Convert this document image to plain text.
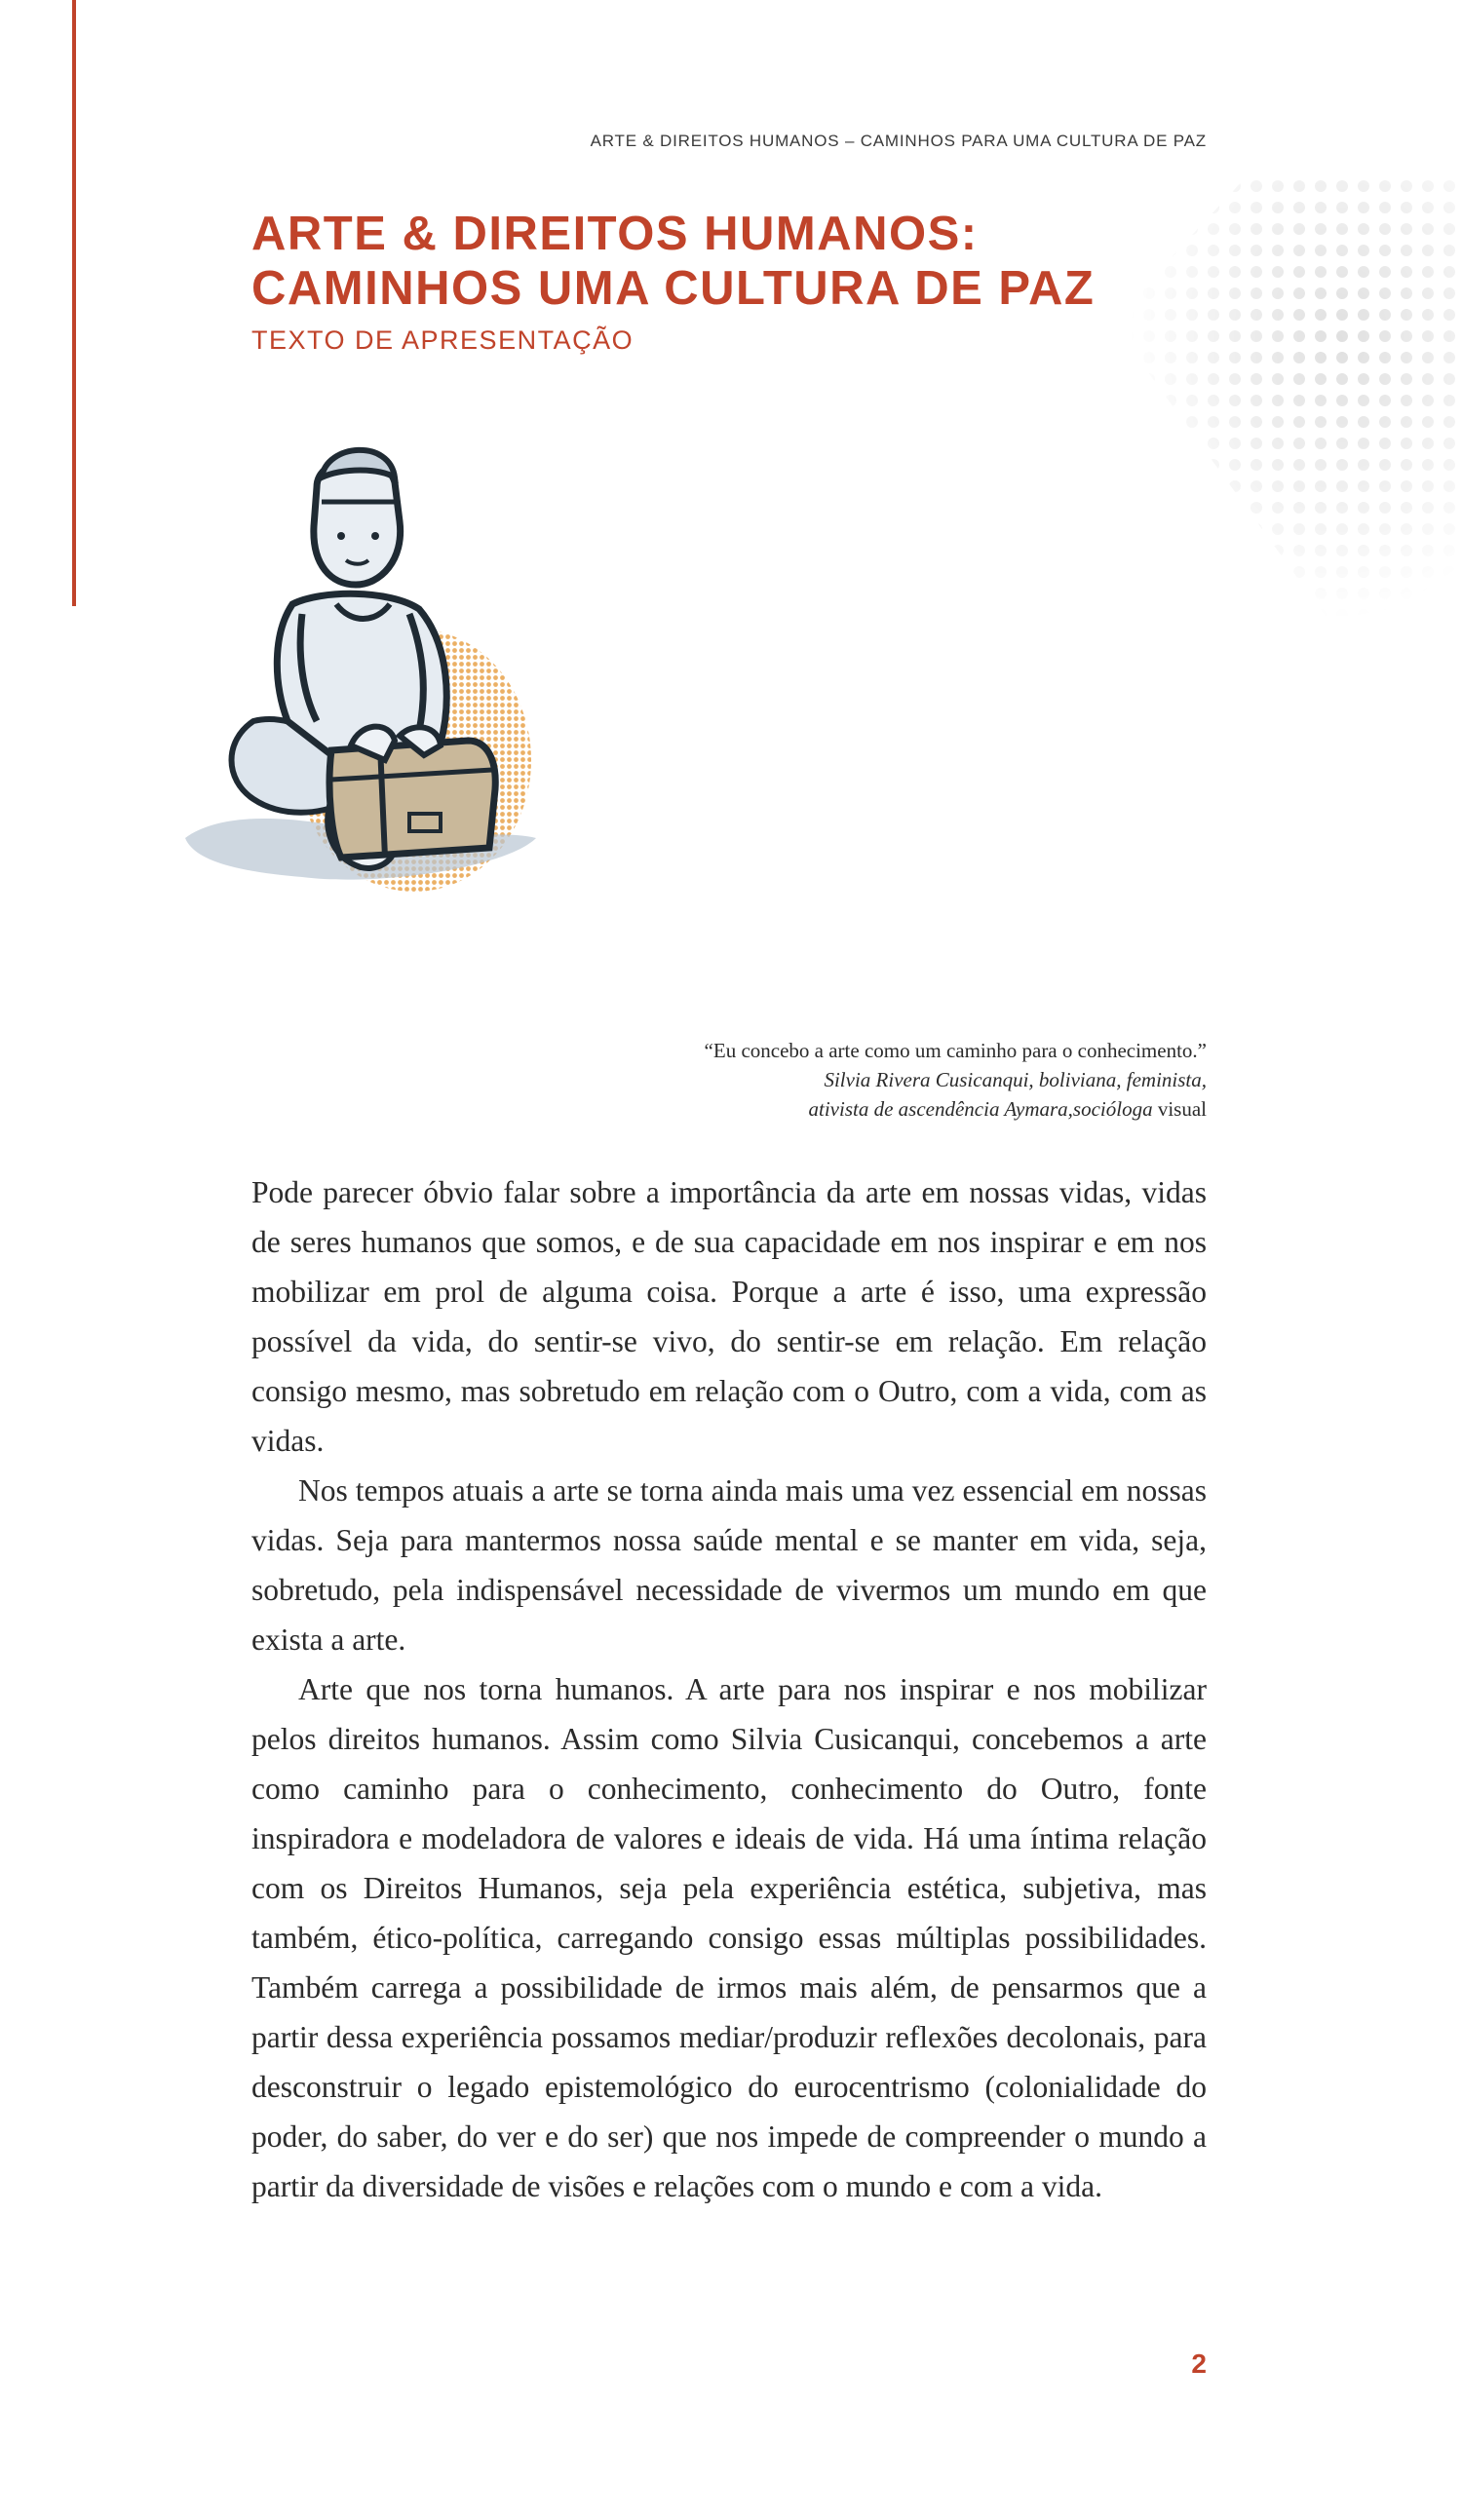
ARTE & DIREITOS HUMANOS – CAMINHOS PARA UMA CULTURA DE PAZ
ARTE & DIREITOS HUMANOS:
CAMINHOS UMA CULTURA DE PAZ
TEXTO DE APRESENTAÇÃO
“Eu concebo a arte como um caminho para o conhecimento.”
Silvia Rivera Cusicanqui, boliviana, feminista,
ativista de ascendência Aymara,socióloga visual

Pode parecer óbvio falar sobre a importância da arte em nossas vidas, vidas de seres humanos que somos, e de sua capacidade em nos inspirar e em nos mobilizar em prol de alguma coisa. Porque a arte é isso, uma expressão possível da vida, do sentir-se vivo, do sentir-se em relação. Em relação consigo mesmo, mas sobretudo em relação com o Outro, com a vida, com as vidas.

Nos tempos atuais a arte se torna ainda mais uma vez essencial em nossas vidas. Seja para mantermos nossa saúde mental e se manter em vida, seja, sobretudo, pela indispensável necessidade de vivermos um mundo em que exista a arte.

Arte que nos torna humanos. A arte para nos inspirar e nos mobilizar pelos direitos humanos. Assim como Silvia Cusicanqui, concebemos a arte como caminho para o conhecimento, conhecimento do Outro, fonte inspiradora e modeladora de valores e ideais de vida. Há uma íntima relação com os Direitos Humanos, seja pela experiência estética, subjetiva, mas também, ético-política, carregando consigo essas múltiplas possibilidades. Também carrega a possibilidade de irmos mais além, de pensarmos que a partir dessa experiência possamos mediar/produzir reflexões decolonais, para desconstruir o legado epistemológico do eurocentrismo (colonialidade do poder, do saber, do ver e do ser) que nos impede de compreender o mundo a partir da diversidade de visões e relações com o mundo e com a vida.

2
